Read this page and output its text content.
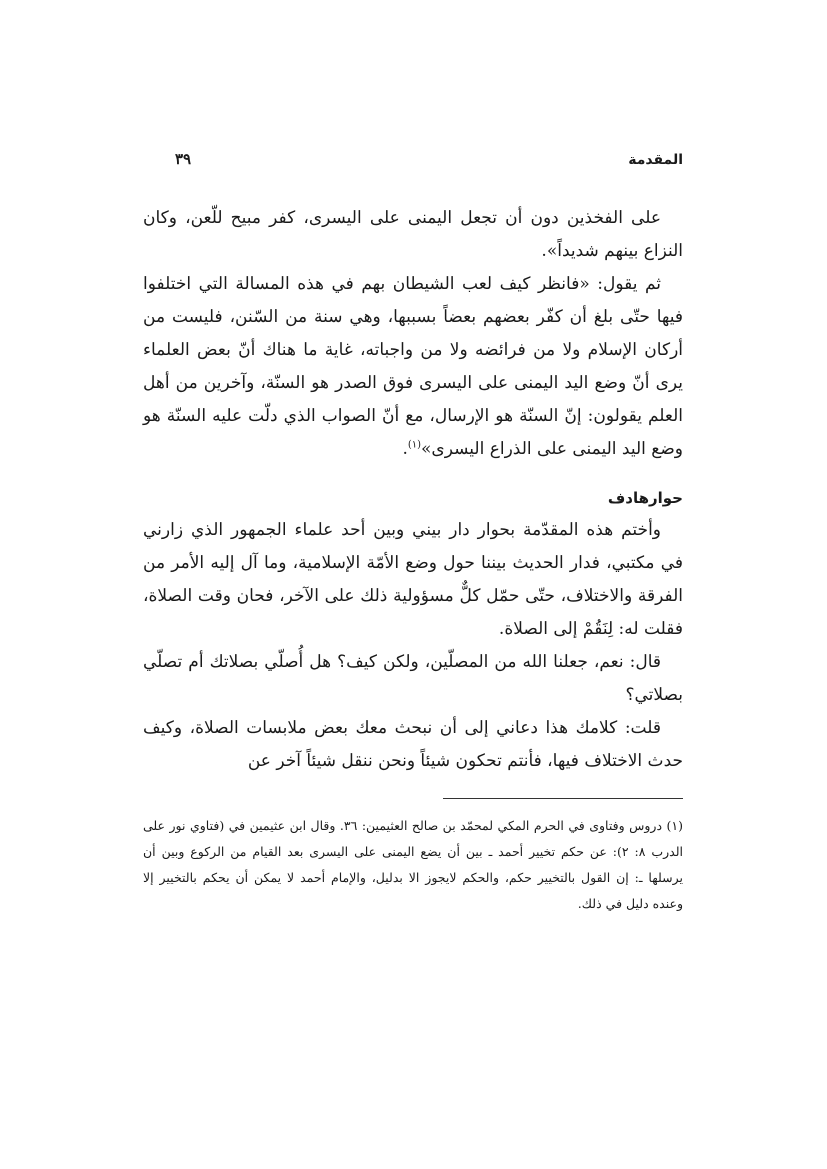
المقدمة
٣٩

على الفخذين دون أن تجعل اليمنى على اليسرى، كفر مبيح للّعن، وكان النزاع بينهم شديداً».

ثم يقول: «فانظر كيف لعب الشيطان بهم في هذه المسالة التي اختلفوا فيها حتّى بلغ أن كفّر بعضهم بعضاً بسببها، وهي سنة من السّنن، فليست من أركان الإسلام ولا من فرائضه ولا من واجباته، غاية ما هناك أنّ بعض العلماء يرى أنّ وضع اليد اليمنى على اليسرى فوق الصدر هو السنّة، وآخرين من أهل العلم يقولون: إنّ السنّة هو الإرسال، مع أنّ الصواب الذي دلّت عليه السنّة هو وضع اليد اليمنى على الذراع اليسرى»$^{(١)}$.

حوارهادف

وأختم هذه المقدّمة بحوار دار بيني وبين أحد علماء الجمهور الذي زارني في مكتبي، فدار الحديث بيننا حول وضع الأمّة الإسلامية، وما آل إليه الأمر من الفرقة والاختلاف، حتّى حمّل كلٌّ مسؤولية ذلك على الآخر، فحان وقت الصلاة، فقلت له: لِنَقُمْ إلى الصلاة.

قال: نعم، جعلنا الله من المصلّين، ولكن كيف؟ هل أُصلّي بصلاتك أم تصلّي بصلاتي؟

قلت: كلامك هذا دعاني إلى أن نبحث معك بعض ملابسات الصلاة، وكيف حدث الاختلاف فيها، فأنتم تحكون شيئاً ونحن ننقل شيئاً آخر عن

(١) دروس وفتاوى في الحرم المكي لمحمّد بن صالح العثيمين: ٣٦. وقال ابن عثيمين في (فتاوي نور على الدرب ٨: ٢): عن حكم تخيير أحمد ـ بين أن يضع اليمنى على اليسرى بعد القيام من الركوع وبين أن يرسلها ـ: إن القول بالتخيير حكم، والحكم لايجوز الا بدليل، والإمام أحمد لا يمكن أن يحكم بالتخيير إلا وعنده دليل في ذلك.
